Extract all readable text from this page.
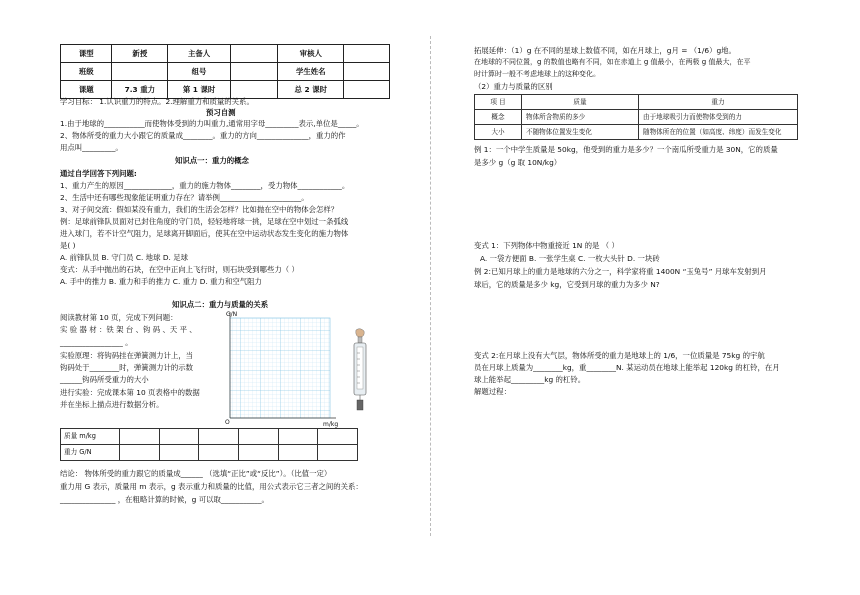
课型	新授	主备人		审核人	
班级		组号		学生姓名	
课题	7.3 重力	第 1 课时		总 2 课时	
学习目标： 1.认识重力的特点。2.理解重力和质量的关系。
预习自测
1.由于地球的___________而使物体受到的力叫重力,通常用字母_________表示,单位是_____。
2、物体所受的重力大小跟它的质量成________。重力的方向______________，重力的作
用点叫_________。
知识点一：重力的概念
通过自学回答下列问题:
1、重力产生的原因_____________，重力的施力物体________，受力物体____________。
2、生活中还有哪些现象能证明重力存在？请举例______________________。
3、对子间交流：假如某没有重力，我们的生活会怎样？比如抛在空中的物体会怎样？
例：足球前锋队员面对已封住角度的守门员，轻轻地将球一挑，足球在空中划过一条弧线
进入球门，若不计空气阻力，足球离开脚面后，使其在空中运动状态发生变化的施力物体
是( )
A. 前锋队员 B. 守门员 C. 地球 D. 足球
变式：从手中抛出的石块，在空中正向上飞行时，则石块受到哪些力（ ）
A. 手中的推力 B. 重力和手的推力 C. 重力 D. 重力和空气阻力
知识点二：重力与质量的关系
阅读教材第 10 页，完成下列问题：
实 验 器 材 ：铁 架 台 、钩 码 、天 平 、
_________________ 。
实验原理：将钩码挂在弹簧测力计上，当
钩码处于________时，弹簧测力计的示数
______钩码所受重力的大小
进行实验：完成课本第 10 页表格中的数据
并在坐标上描点进行数据分析。
G/N
m/kg
O
质量 m/kg						
重力 G/N						
结论： 物体所受的重力跟它的质量成______ （选填“正比”或“反比”）。（比值一定）
重力用 G 表示，质量用 m 表示，g 表示重力和质量的比值，用公式表示它三者之间的关系：
_______________ ，在粗略计算的时候，g 可以取___________。
拓展延伸：（1）g 在不同的星球上数值不同，如在月球上，g月 = （1/6）g地。
在地球的不同位置，g 的数值也略有不同，如在赤道上 g 值最小，在两极 g 值最大，在平
时计算时一般不考虑地球上的这种变化。
（2）重力与质量的区别
项 目	质量	重力
概念	物体所含物质的多少	由于地球吸引力而使物体受到的力
大小	不随物体位置发生变化	随物体所在的位置（如高度、纬度）而发生变化
例 1：一个中学生质量是 50kg，他受到的重力是多少？一个南瓜所受重力是 30N，它的质量
是多少 g（g 取 10N/kg）
变式 1：下列物体中物重接近 1N 的是 （ ）
A. 一袋方便面 B. 一张学生桌 C. 一枚大头针 D. 一块砖
例 2:已知月球上的重力是地球的六分之一，科学家将重 1400N “玉兔号” 月球车发射到月
球后，它的质量是多少 kg，它受到月球的重力为多少 N?
变式 2:在月球上没有大气层，物体所受的重力是地球上的 1/6，一位质量是 75kg 的宇航
员在月球上质量为________kg，重________N. 某运动员在地球上能举起 120kg 的杠铃，在月
球上能举起_________kg 的杠铃。
解题过程：
